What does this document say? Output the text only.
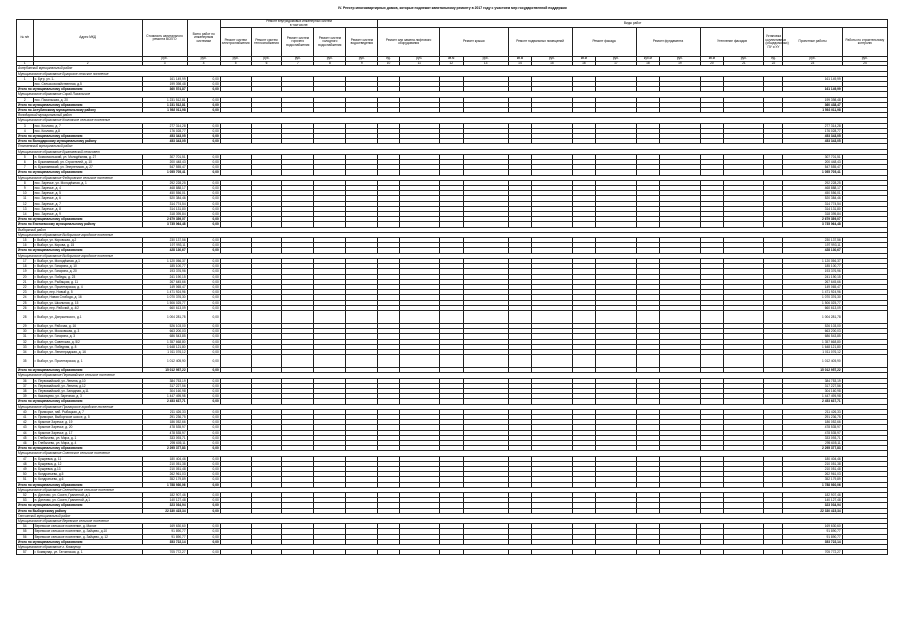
IV. Реестр многоквартирных домов, которые подлежат капитальному ремонту в 2017 году с участием мер государственной поддержки
№ п/п	Адрес МКД	Стоимость капитального ремонта ВСЕГО	Всего работ по инженерным системам	Ремонт внутридомовых инженерных систем
в том числе:					Виды работ														
				Ремонт систем электроснабжения	Ремонт систем теплоснабжения	Ремонт систем горячего водоснабжения	Ремонт систем холодного водоснабжения	Ремонт систем водоотведения	Ремонт или замена лифтового оборудования		Ремонт крыши		Ремонт подвальных помещений		Ремонт фасада		Ремонт фундамента		Утепление фасадов		Установка коллективных (общедомовых) ПУ и УУ	Проектные работы	Работы по строительному контролю
		руб.	руб.	руб.	руб.	руб.	руб.	руб.	ед.	руб.	кв.м	руб.	кв.м	руб.	кв.м	руб.	куб.м	руб.	кв.м	руб.	ед.	руб.	руб.
1	2	3	4	5	6	7	8	9	10	11	12	13	14	15	16	17	18	19	20	21	22	23	24
Ахтубинский муниципальный район																							
Муниципальное образование Бугорское сельское поселение																							
1	с. Бугр, ул. 1-	161 149,99	0,00																			161 149,99	
	пос. Сельскохозяйственная, д.5	199 398,48	0,00																				
Итого по муниципальному образованию		360 574,87	0,00																			161 149,99	
Муниципальное образование Сарай Пахальское																							
2	пос. Пахальская, д. 20	1 231 512,81	0,00																			199 398,48	
Итого по муниципальному образованию		1 231 512,81	0,00																			360 438,47	
Итого по Ахтубинскому муниципальному району		1 592 011,98	0,00																			1 592 011,98	
Володарский муниципальный район																							
Муниципальное образование Козловское сельское поселение																							
3	пос. Козлово, д. 7	277 314,28	0,00																			277 314,28	
4	пос. Козлово, д.8	176 028,77	0,00																			176 028,77	
Итого по муниципальному образованию		453 343,05	0,00																			453 343,05	
Итого по Володарскому муниципальному району		453 343,05	0,00																			453 343,05	
Енотаевский муниципальный район																							
Муниципальное образование Буканаевский сельсовет																							
5	п. Комсомольский, ул. Молодёжная, д. 27	307 701,51	0,00																			307 701,51	
6	п. Буканаевский, ул. Строителей, д. 10	200 448,43	0,00																			200 448,43	
7	п. Буканаевский, ул. Энергетиков, д. 27	547 555,47	0,00																			547 555,47	
Итого по муниципальному образованию		1 055 705,41	0,00																			1 055 705,41	
Муниципальное образование Федоровское сельское поселение																							
8	пос. Заречье, ул. Молодёжная, д. 1	292 228,25	0,00																			292 228,25	
9	пос. Заречье, д. 4	468 888,17	0,00																			468 888,17	
10	пос. Заречье, д. 5	450 556,01	0,00																			450 556,01	
11	пос. Заречье, д. 6	520 384,46	0,00																			520 384,46	
12	пос. Заречье, д. 7	314 774,54	0,00																			314 774,54	
13	пос. Заречье, д. 8	314 131,80	0,00																			314 131,80	
14	пос. Заречье, д. 9	318 395,84	0,00																			318 395,84	
Итого по муниципальному образованию		2 679 359,07	0,00																			2 679 359,07	
Итого по Енотаевскому муниципальному району		3 735 064,48	0,00																			3 735 064,48	
Выборгский район																							
Муниципальное образование Выборгское городское поселение																							
15	г. Выборг, ул. Кировская, д.2	230 137,56	0,00																			230 137,56	
16	г. Выборг, ул. Кирова, д. 15	197 993,11	0,00																			197 993,11	
Итого по муниципальному образованию		428 130,67	0,00																			428 130,67	
Муниципальное образование Выборгское городское поселение																							
17	г. Выборг, ул. Молодёжная, д.1	1 120 056,37	0,00																			1 120 056,37	
18	г. Выборг, ул. Гагарина, д. 10	185 100,77	0,00																			185 100,77	
19	г. Выборг, ул. Гагарина, д. 20	193 376,96	0,00																			193 376,96	
20	г. Выборг, ул. Победы, д. 23	241 190,15	0,00																			241 190,15	
21	г. Выборг, ул. Рыбацкая, д. 11	267 645,66	0,00																			267 645,66	
22	г. Выборг, ул. Пролетарская, д. 4	149 065,47	0,00																			149 065,47	
23	г. Выборг, пер. Новый д. 5	1 471 924,96	0,00																			1 471 924,96	
24	г. Выборг, Новая Слобода, д. 16	1 070 376,30	0,00																			1 070 376,30	
25	г. Выборг, ул. Школьная, д. 15	1 506 025,77	0,00																			1 506 025,77	
26	г. Выборг, пер. Рабочий, д. 4/2	660 613,09	0,00																			660 613,09	
28	г. Выборг, ул. Дзержинского, д.1	1 004 281,78	0,00																			1 004 281,78	
29	г. Выборг, ул. Рабочая, д. 16	526 103,00	0,00																			526 103,00	
30	г. Выборг, ул. Московская, д. 3	663 200,03	0,00																			663 200,03	
31	г. Выборг, ул. Гагарина, д. 3	686 543,85	0,00																			686 543,85	
32	г. Выборг, ул. Советская, д. 5/2	1 357 668,80	0,00																			1 357 668,80	
33	г. Выборг, ул. Победная, д. 8	1 648 121,80	0,00																			1 648 121,80	
34	г. Выборг, ул. Ленинградская, д. 16	1 011 076,12	0,00																			1 011 076,12	
35	г. Выборг, ул. Пролетарская, д. 1	1 012 405,90	0,00																			1 012 405,90	
Итого по муниципальному образованию		15 012 957,22	0,00																			15 012 957,22	
Муниципальное образование Первомайское сельское поселение																							
36	п. Первомайский, ул. Ленина, д.10	384 753,19	0,00																			384 753,19	
37	п. Первомайский, ул. Ленина, д.12	317 227,56	0,00																			317 227,56	
38	п. Первомайский, ул. Западная, д.11	304 160,98	0,00																			304 160,98	
39	п. Казанцево, ул. Заречная, д. 3	1 447 495,98	0,00																			1 447 495,98	
Итого по муниципальному образованию		2 453 637,71	0,00																			2 453 637,71	
Муниципальное образование Приморское городское поселение																							
40	п. Приморье, наб. Рыбацкая, д. 7	211 426,33	0,00																			211 426,33	
41	п. Приморье, Выборгское шоссе, д. 5	291 236,75	0,00																			291 236,75	
42	п. Красное Заречье, д. 19	186 052,66	0,00																			186 052,66	
43	п. Красное Заречье, д. 20	478 535,97	0,00																			478 535,97	
44	п. Красное Заречье, д. 17	478 535,97	0,00																			478 535,97	
45	п. Глебычево, ул. Мира, д. 1	333 093,71	0,00																			333 093,71	
46	п. Глебычево, ул. Мира, д. 4	295 605,11	0,00																			295 605,11	
Итого по муниципальному образованию		2 295 377,83	0,00																			2 295 377,83	
Муниципальное образование Советское сельское поселение																							
47	п. Бушуевка, д. 11	180 404,46	0,00																			180 404,46	
48	п. Бушуевка, д. 12	210 051,38	0,00																			210 051,38	
49	п. Бушуевка, д.13	210 051,48	0,00																			210 051,48	
50	п. Кондратьево, д.5	262 961,03	0,00																			262 961,03	
51	п. Кондратьево, д.6	352 179,89	0,00																			352 179,89	
Итого по муниципальному образованию		1 788 930,06	0,00																			1 788 930,06	
Муниципальное образование Селезнёвское сельское поселение																							
52	п. Дятлово, ул. Сосен, Гранитной, д.1	182 907,46	0,00																			182 907,46	
53	п. Дятлово, ул. Сосен, Гранитной, д.1	140 127,48	0,00																			140 127,48	
Итого по муниципальному образованию		323 034,94	0,00																			323 034,94	
Итого по Выборгскому району		22 330 415,34	0,00																			22 330 415,34	
Гатчинский муниципальный район																							
Муниципальное образование Веревское сельское поселение																							
54	Веревское сельское поселение, д. Малое	169 630,60	0,00																			169 630,60	
55	Веревское сельское поселение, д. Зайцево, д.10	91 890,77	0,00																			91 890,77	
56	Веревское сельское поселение, д. Зайцево, д. 12	91 890,77	0,00																			91 890,77	
Итого по муниципальному образованию		353 722,14	0,00																			353 722,14	
Муниципальное образование г. Коммунар																							
57	г. Коммунар, ул. Гатчинская, д. 1	705 772,27	0,00																			705 772,27	
